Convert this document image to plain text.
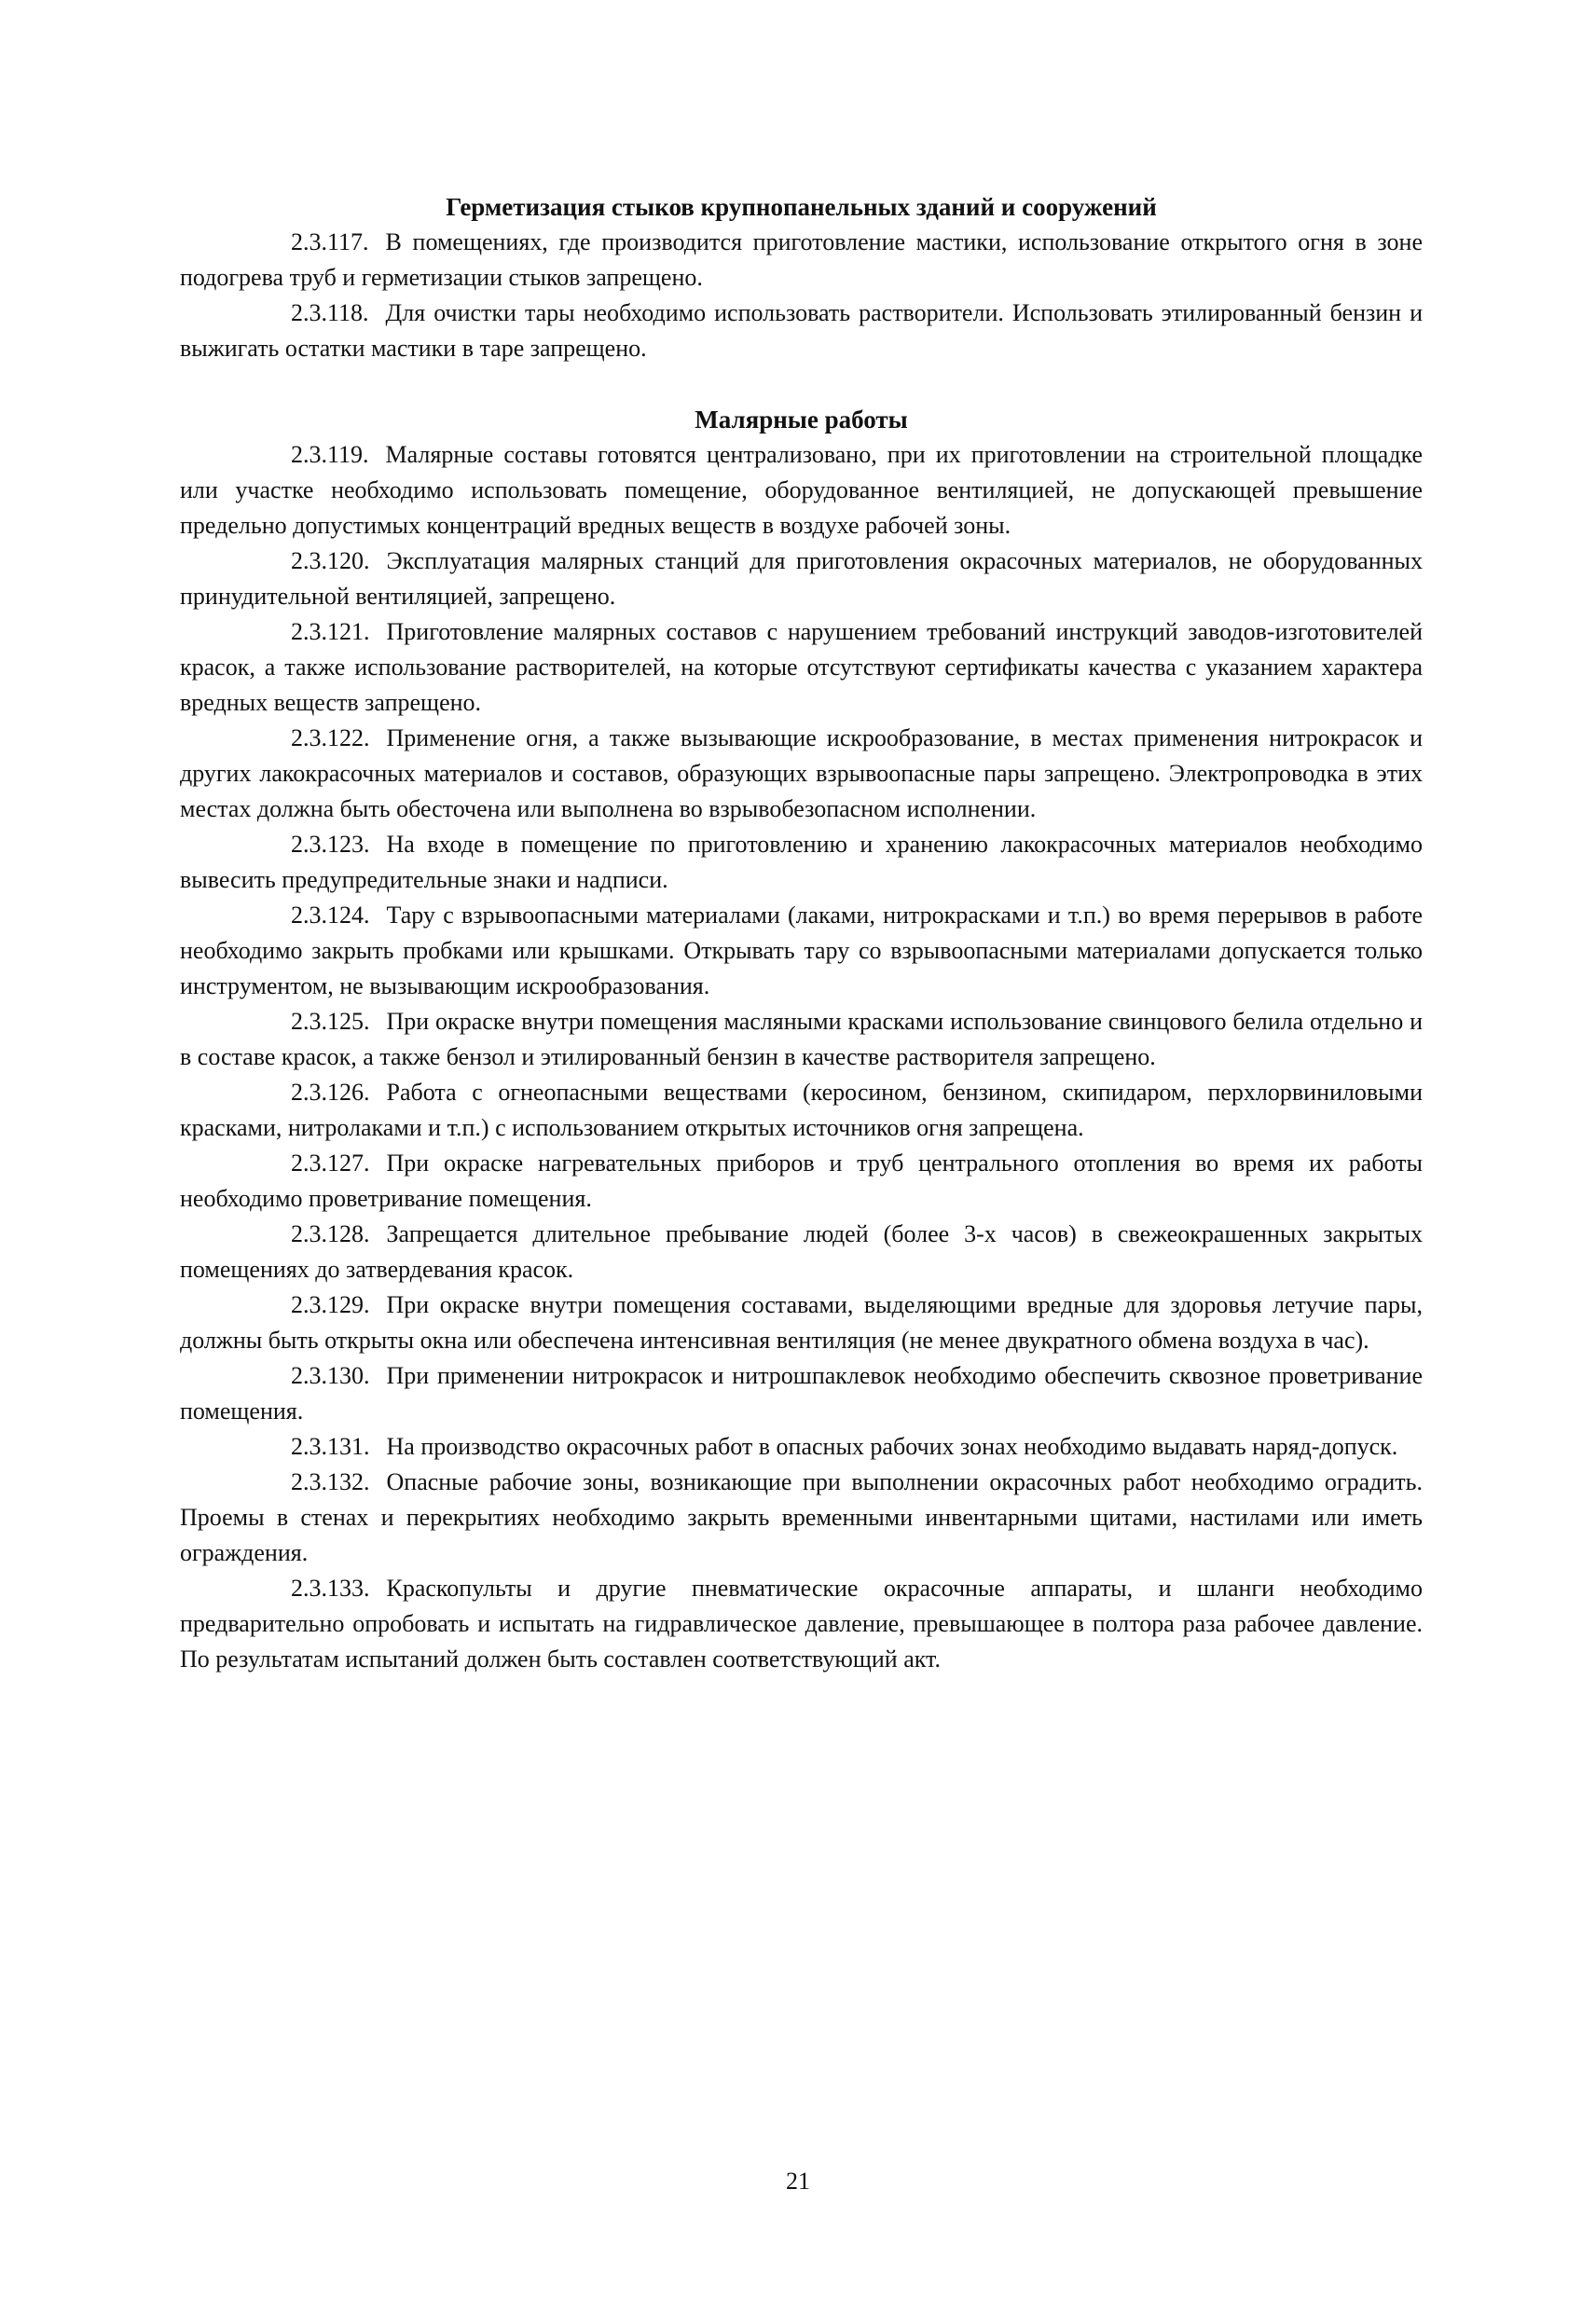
Герметизация стыков крупнопанельных зданий и сооружений

2.3.117. В помещениях, где производится приготовление мастики, использование открытого огня в зоне подогрева труб и герметизации стыков запрещено.

2.3.118. Для очистки тары необходимо использовать растворители. Использовать этилированный бензин и выжигать остатки мастики в таре запрещено.

Малярные работы

2.3.119. Малярные составы готовятся централизовано, при их приготовлении на строительной площадке или участке необходимо использовать помещение, оборудованное вентиляцией, не допускающей превышение предельно допустимых концентраций вредных веществ в воздухе рабочей зоны.

2.3.120. Эксплуатация малярных станций для приготовления окрасочных материалов, не оборудованных принудительной вентиляцией, запрещено.

2.3.121. Приготовление малярных составов с нарушением требований инструкций заводов-изготовителей красок, а также использование растворителей, на которые отсутствуют сертификаты качества с указанием характера вредных веществ запрещено.

2.3.122. Применение огня, а также вызывающие искрообразование, в местах применения нитрокрасок и других лакокрасочных материалов и составов, образующих взрывоопасные пары запрещено. Электропроводка в этих местах должна быть обесточена или выполнена во взрывобезопасном исполнении.

2.3.123. На входе в помещение по приготовлению и хранению лакокрасочных материалов необходимо вывесить предупредительные знаки и надписи.

2.3.124. Тару с взрывоопасными материалами (лаками, нитрокрасками и т.п.) во время перерывов в работе необходимо закрыть пробками или крышками. Открывать тару со взрывоопасными материалами допускается только инструментом, не вызывающим искрообразования.

2.3.125. При окраске внутри помещения масляными красками использование свинцового белила отдельно и в составе красок, а также бензол и этилированный бензин в качестве растворителя запрещено.

2.3.126. Работа с огнеопасными веществами (керосином, бензином, скипидаром, перхлорвиниловыми красками, нитролаками и т.п.) с использованием открытых источников огня запрещена.

2.3.127. При окраске нагревательных приборов и труб центрального отопления во время их работы необходимо проветривание помещения.

2.3.128. Запрещается длительное пребывание людей (более 3-х часов) в свежеокрашенных закрытых помещениях до затвердевания красок.

2.3.129. При окраске внутри помещения составами, выделяющими вредные для здоровья летучие пары, должны быть открыты окна или обеспечена интенсивная вентиляция (не менее двукратного обмена воздуха в час).

2.3.130. При применении нитрокрасок и нитрошпаклевок необходимо обеспечить сквозное проветривание помещения.

2.3.131. На производство окрасочных работ в опасных рабочих зонах необходимо выдавать наряд-допуск.

2.3.132. Опасные рабочие зоны, возникающие при выполнении окрасочных работ необходимо оградить. Проемы в стенах и перекрытиях необходимо закрыть временными инвентарными щитами, настилами или иметь ограждения.

2.3.133. Краскопульты и другие пневматические окрасочные аппараты, и шланги необходимо предварительно опробовать и испытать на гидравлическое давление, превышающее в полтора раза рабочее давление. По результатам испытаний должен быть составлен соответствующий акт.

21
